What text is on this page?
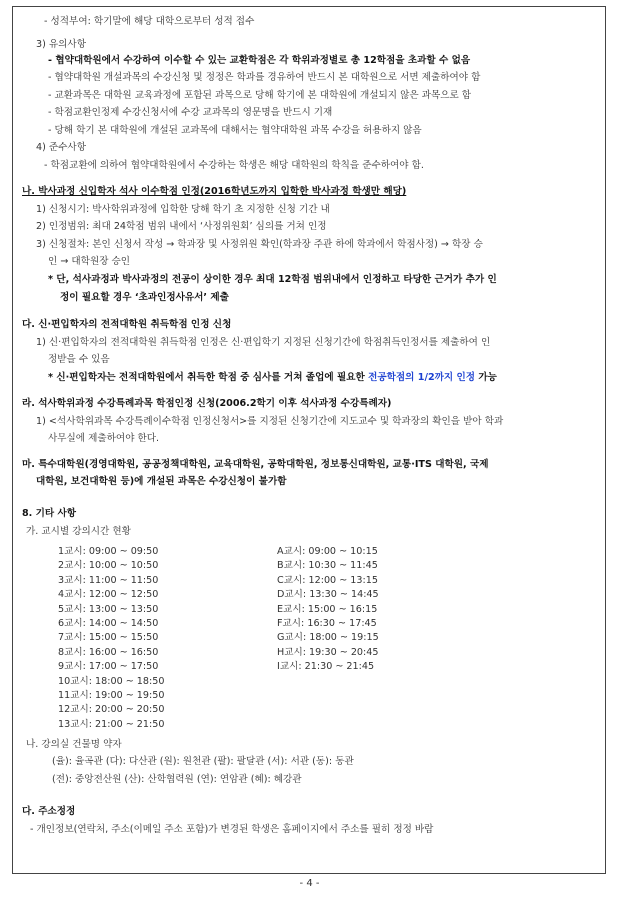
- 성적부여: 학기말에 해당 대학으로부터 성적 접수
3) 유의사항
- 협약대학원에서 수강하여 이수할 수 있는 교환학점은 각 학위과정별로 총 12학점을 초과할 수 없음
- 협약대학원 개설과목의 수강신청 및 정정은 학과를 경유하여 반드시 본 대학원으로 서면 제출하여야 함
- 교환과목은 대학원 교육과정에 포함된 과목으로 당해 학기에 본 대학원에 개설되지 않은 과목으로 함
- 학점교환인정제 수강신청서에 수강 교과목의 영문명을 반드시 기재
- 당해 학기 본 대학원에 개설된 교과목에 대해서는 협약대학원 과목 수강을 허용하지 않음
4) 준수사항
- 학점교환에 의하여 협약대학원에서 수강하는 학생은 해당 대학원의 학칙을 준수하여야 함.
나. 박사과정 신입학자 석사 이수학점 인정(2016학년도까지 입학한 박사과정 학생만 해당)
1) 신청시기: 박사학위과정에 입학한 당해 학기 초 지정한 신청 기간 내
2) 인정범위: 최대 24학점 범위 내에서 ‘사정위원회’ 심의를 거쳐 인정
3) 신청절차: 본인 신청서 작성 → 학과장 및 사정위원 확인(학과장 주관 하에 학과에서 학점사정) → 학장 승
인 → 대학원장 승인
* 단, 석사과정과 박사과정의 전공이 상이한 경우 최대 12학점 범위내에서 인정하고 타당한 근거가 추가 인
정이 필요할 경우 ‘초과인정사유서’ 제출
다. 신·편입학자의 전적대학원 취득학점 인정 신청
1) 신·편입학자의 전적대학원 취득학점 인정은 신·편입학기 지정된 신청기간에 학점취득인정서를 제출하여 인
정받을 수 있음
* 신·편입학자는 전적대학원에서 취득한 학점 중 심사를 거쳐 졸업에 필요한 전공학점의 1/2까지 인정 가능
라. 석사학위과정 수강특례과목 학점인정 신청(2006.2학기 이후 석사과정 수강특례자)
1) <석사학위과목 수강특례이수학점 인정신청서>를 지정된 신청기간에 지도교수 및 학과장의 확인을 받아 학과
사무실에 제출하여야 한다.
마. 특수대학원(경영대학원, 공공정책대학원, 교육대학원, 공학대학원, 정보통신대학원, 교통·ITS 대학원, 국제
대학원, 보건대학원 등)에 개설된 과목은 수강신청이 불가함
8. 기타 사항
가. 교시별 강의시간 현황
1교시: 09:00 ~ 09:50
2교시: 10:00 ~ 10:50
3교시: 11:00 ~ 11:50
4교시: 12:00 ~ 12:50
5교시: 13:00 ~ 13:50
6교시: 14:00 ~ 14:50
7교시: 15:00 ~ 15:50
8교시: 16:00 ~ 16:50
9교시: 17:00 ~ 17:50
10교시: 18:00 ~ 18:50
11교시: 19:00 ~ 19:50
12교시: 20:00 ~ 20:50
13교시: 21:00 ~ 21:50
A교시: 09:00 ~ 10:15
B교시: 10:30 ~ 11:45
C교시: 12:00 ~ 13:15
D교시: 13:30 ~ 14:45
E교시: 15:00 ~ 16:15
F교시: 16:30 ~ 17:45
G교시: 18:00 ~ 19:15
H교시: 19:30 ~ 20:45
I교시: 21:30 ~ 21:45
나. 강의실 건물명 약자
(율): 율곡관 (다): 다산관 (원): 원천관 (팔): 팔달관 (서): 서관 (동): 동관
(전): 중앙전산원 (산): 산학협력원 (연): 연암관 (혜): 혜강관
다. 주소정정
- 개인정보(연락처, 주소(이메일 주소 포함)가 변경된 학생은 홈페이지에서 주소를 필히 정정 바람
- 4 -
